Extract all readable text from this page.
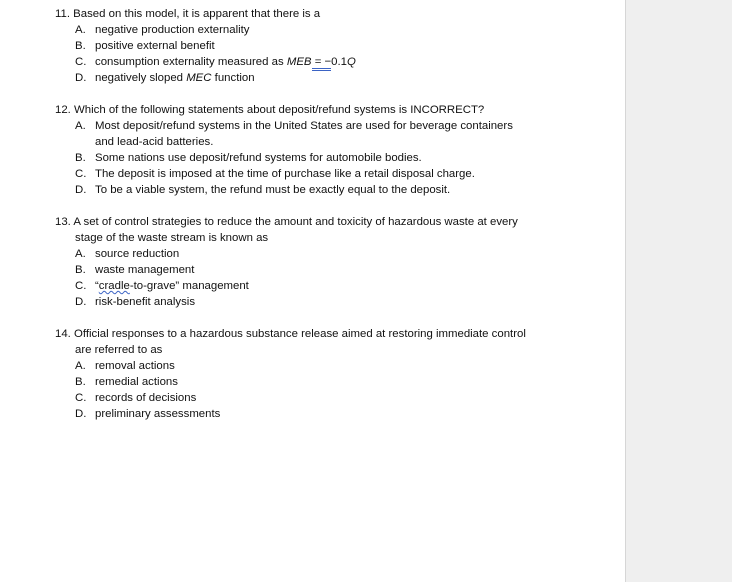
11. Based on this model, it is apparent that there is a
A. negative production externality
B. positive external benefit
C. consumption externality measured as MEB = −0.1Q
D. negatively sloped MEC function
12. Which of the following statements about deposit/refund systems is INCORRECT?
A. Most deposit/refund systems in the United States are used for beverage containers
and lead-acid batteries.
B. Some nations use deposit/refund systems for automobile bodies.
C. The deposit is imposed at the time of purchase like a retail disposal charge.
D. To be a viable system, the refund must be exactly equal to the deposit.
13. A set of control strategies to reduce the amount and toxicity of hazardous waste at every
stage of the waste stream is known as
A. source reduction
B. waste management
C. “cradle-to-grave” management
D. risk-benefit analysis
14. Official responses to a hazardous substance release aimed at restoring immediate control
are referred to as
A. removal actions
B. remedial actions
C. records of decisions
D. preliminary assessments
